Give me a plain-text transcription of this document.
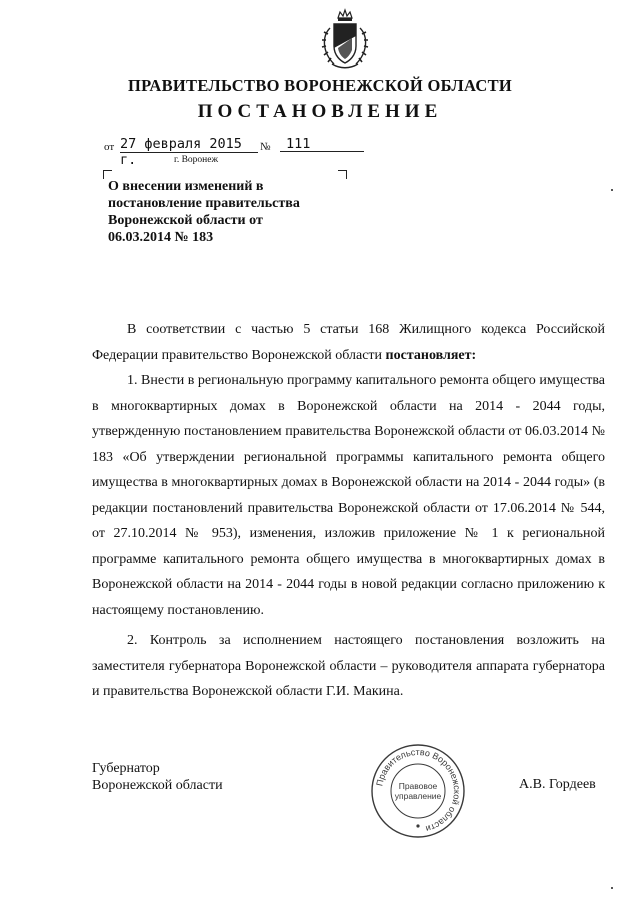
ПРАВИТЕЛЬСТВО ВОРОНЕЖСКОЙ ОБЛАСТИ
ПОСТАНОВЛЕНИЕ
от 27 февраля 2015 г.
№	111
г. Воронеж
О внесении изменений в
постановление правительства
Воронежской области от
06.03.2014 № 183

В соответствии с частью 5 статьи 168 Жилищного кодекса Российской Федерации правительство Воронежской области постановляет:

1. Внести в региональную программу капитального ремонта общего имущества в многоквартирных домах в Воронежской области на 2014 - 2044 годы, утвержденную постановлением правительства Воронежской области от 06.03.2014 № 183 «Об утверждении региональной программы капитального ремонта общего имущества в многоквартирных домах в Воронежской области на 2014 - 2044 годы» (в редакции постановлений правительства Воронежской области от 17.06.2014 № 544, от 27.10.2014 № 953), изменения, изложив приложение № 1 к региональной программе капитального ремонта общего имущества в многоквартирных домах в Воронежской области на 2014 - 2044 годы в новой редакции согласно приложению к настоящему постановлению.

2. Контроль за исполнением настоящего постановления возложить на заместителя губернатора Воронежской области – руководителя аппарата губернатора и правительства Воронежской области Г.И. Макина.

Губернатор
Воронежской области	Правительство Воронежской области
Правовое
управление
А.В. Гордеев
